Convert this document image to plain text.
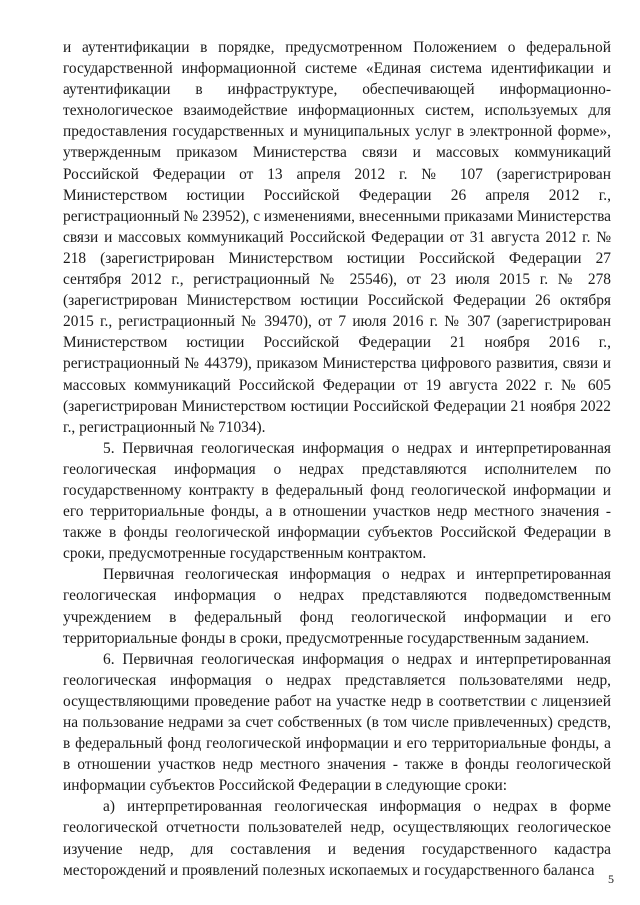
и аутентификации в порядке, предусмотренном Положением о федеральной государственной информационной системе «Единая система идентификации и аутентификации в инфраструктуре, обеспечивающей информационно-технологическое взаимодействие информационных систем, используемых для предоставления государственных и муниципальных услуг в электронной форме», утвержденным приказом Министерства связи и массовых коммуникаций Российской Федерации от 13 апреля 2012 г. № 107 (зарегистрирован Министерством юстиции Российской Федерации 26 апреля 2012 г., регистрационный № 23952), с изменениями, внесенными приказами Министерства связи и массовых коммуникаций Российской Федерации от 31 августа 2012 г. № 218 (зарегистрирован Министерством юстиции Российской Федерации 27 сентября 2012 г., регистрационный № 25546), от 23 июля 2015 г. № 278 (зарегистрирован Министерством юстиции Российской Федерации 26 октября 2015 г., регистрационный № 39470), от 7 июля 2016 г. № 307 (зарегистрирован Министерством юстиции Российской Федерации 21 ноября 2016 г., регистрационный № 44379), приказом Министерства цифрового развития, связи и массовых коммуникаций Российской Федерации от 19 августа 2022 г. № 605 (зарегистрирован Министерством юстиции Российской Федерации 21 ноября 2022 г., регистрационный № 71034).

5. Первичная геологическая информация о недрах и интерпретированная геологическая информация о недрах представляются исполнителем по государственному контракту в федеральный фонд геологической информации и его территориальные фонды, а в отношении участков недр местного значения - также в фонды геологической информации субъектов Российской Федерации в сроки, предусмотренные государственным контрактом.

Первичная геологическая информация о недрах и интерпретированная геологическая информация о недрах представляются подведомственным учреждением в федеральный фонд геологической информации и его территориальные фонды в сроки, предусмотренные государственным заданием.

6. Первичная геологическая информация о недрах и интерпретированная геологическая информация о недрах представляется пользователями недр, осуществляющими проведение работ на участке недр в соответствии с лицензией на пользование недрами за счет собственных (в том числе привлеченных) средств, в федеральный фонд геологической информации и его территориальные фонды, а в отношении участков недр местного значения - также в фонды геологической информации субъектов Российской Федерации в следующие сроки:

а) интерпретированная геологическая информация о недрах в форме геологической отчетности пользователей недр, осуществляющих геологическое изучение недр, для составления и ведения государственного кадастра месторождений и проявлений полезных ископаемых и государственного баланса

5
